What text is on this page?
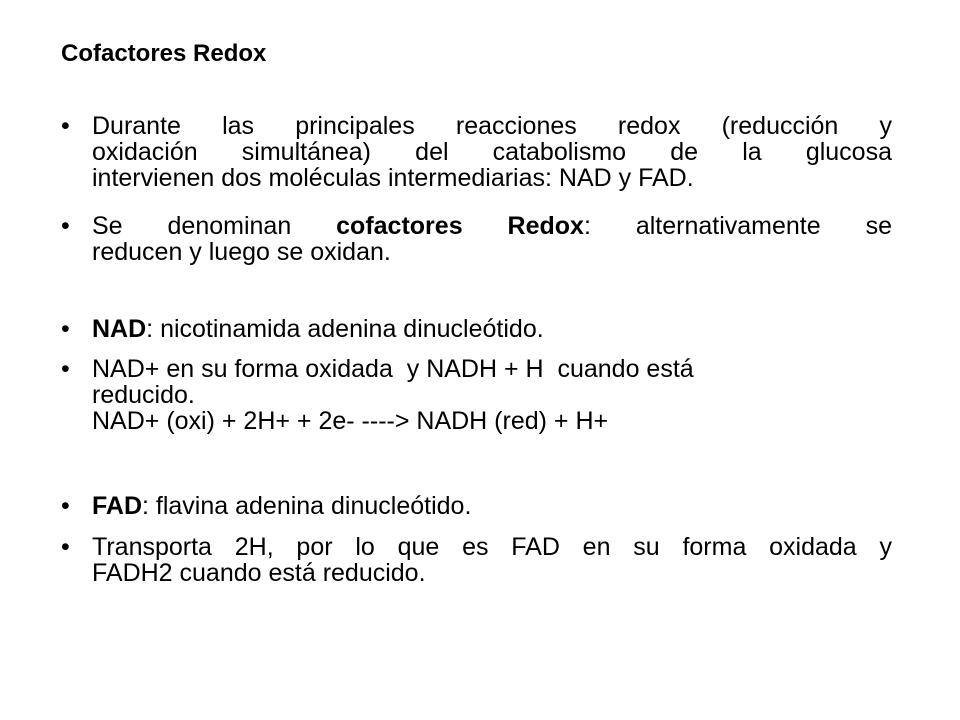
Cofactores Redox
• Durante las principales reacciones redox (reducción y
oxidación simultánea) del catabolismo de la glucosa
intervienen dos moléculas intermediarias: NAD y FAD.
• Se denominan cofactores Redox: alternativamente se
reducen y luego se oxidan.
• NAD: nicotinamida adenina dinucleótido.
• NAD+ en su forma oxidada  y NADH + H  cuando está
reducido.
NAD+ (oxi) + 2H+ + 2e- ----> NADH (red) + H+
• FAD: flavina adenina dinucleótido.
• Transporta 2H, por lo que es FAD en su forma oxidada y
FADH2 cuando está reducido.
